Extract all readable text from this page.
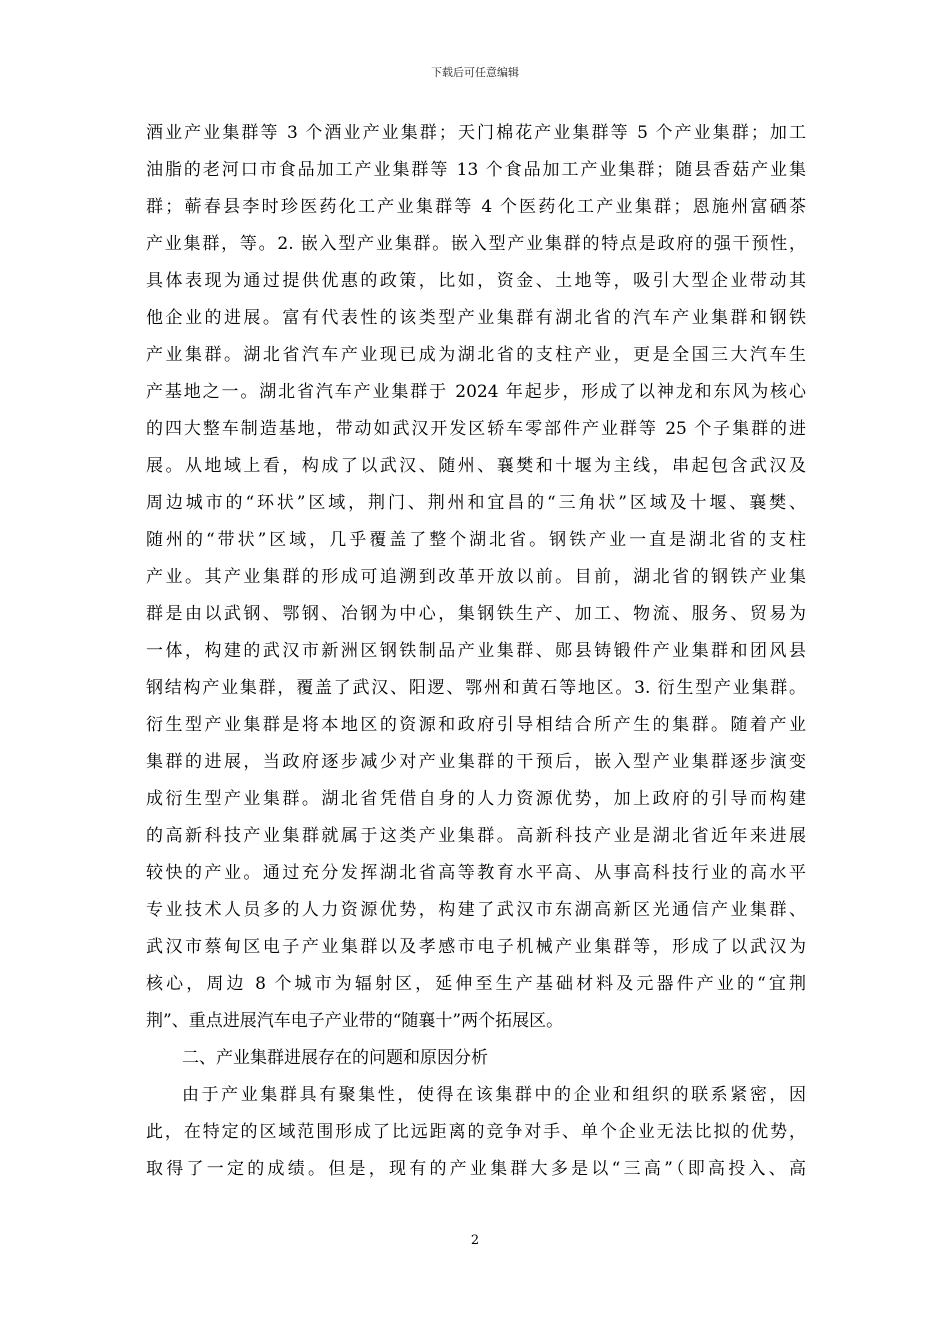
下载后可任意编辑
酒业产业集群等 3 个酒业产业集群；天门棉花产业集群等 5 个产业集群；加工
油脂的老河口市食品加工产业集群等 13 个食品加工产业集群；随县香菇产业集
群；蕲春县李时珍医药化工产业集群等 4 个医药化工产业集群；恩施州富硒茶
产业集群，等。2. 嵌入型产业集群。嵌入型产业集群的特点是政府的强干预性，
具体表现为通过提供优惠的政策，比如，资金、土地等，吸引大型企业带动其
他企业的进展。富有代表性的该类型产业集群有湖北省的汽车产业集群和钢铁
产业集群。湖北省汽车产业现已成为湖北省的支柱产业，更是全国三大汽车生
产基地之一。湖北省汽车产业集群于 2024 年起步，形成了以神龙和东风为核心
的四大整车制造基地，带动如武汉开发区轿车零部件产业群等 25 个子集群的进
展。从地域上看，构成了以武汉、随州、襄樊和十堰为主线，串起包含武汉及
周边城市的“环状”区域，荆门、荆州和宜昌的“三角状”区域及十堰、襄樊、
随州的“带状”区域，几乎覆盖了整个湖北省。钢铁产业一直是湖北省的支柱
产业。其产业集群的形成可追溯到改革开放以前。目前，湖北省的钢铁产业集
群是由以武钢、鄂钢、冶钢为中心，集钢铁生产、加工、物流、服务、贸易为
一体，构建的武汉市新洲区钢铁制品产业集群、郧县铸锻件产业集群和团风县
钢结构产业集群，覆盖了武汉、阳逻、鄂州和黄石等地区。3. 衍生型产业集群。
衍生型产业集群是将本地区的资源和政府引导相结合所产生的集群。随着产业
集群的进展，当政府逐步减少对产业集群的干预后，嵌入型产业集群逐步演变
成衍生型产业集群。湖北省凭借自身的人力资源优势，加上政府的引导而构建
的高新科技产业集群就属于这类产业集群。高新科技产业是湖北省近年来进展
较快的产业。通过充分发挥湖北省高等教育水平高、从事高科技行业的高水平
专业技术人员多的人力资源优势，构建了武汉市东湖高新区光通信产业集群、
武汉市蔡甸区电子产业集群以及孝感市电子机械产业集群等，形成了以武汉为
核心，周边 8 个城市为辐射区，延伸至生产基础材料及元器件产业的“宜荆
荆”、重点进展汽车电子产业带的“随襄十”两个拓展区。
二、产业集群进展存在的问题和原因分析
由于产业集群具有聚集性，使得在该集群中的企业和组织的联系紧密，因
此，在特定的区域范围形成了比远距离的竞争对手、单个企业无法比拟的优势，
取得了一定的成绩。但是，现有的产业集群大多是以“三高”（即高投入、高
2
